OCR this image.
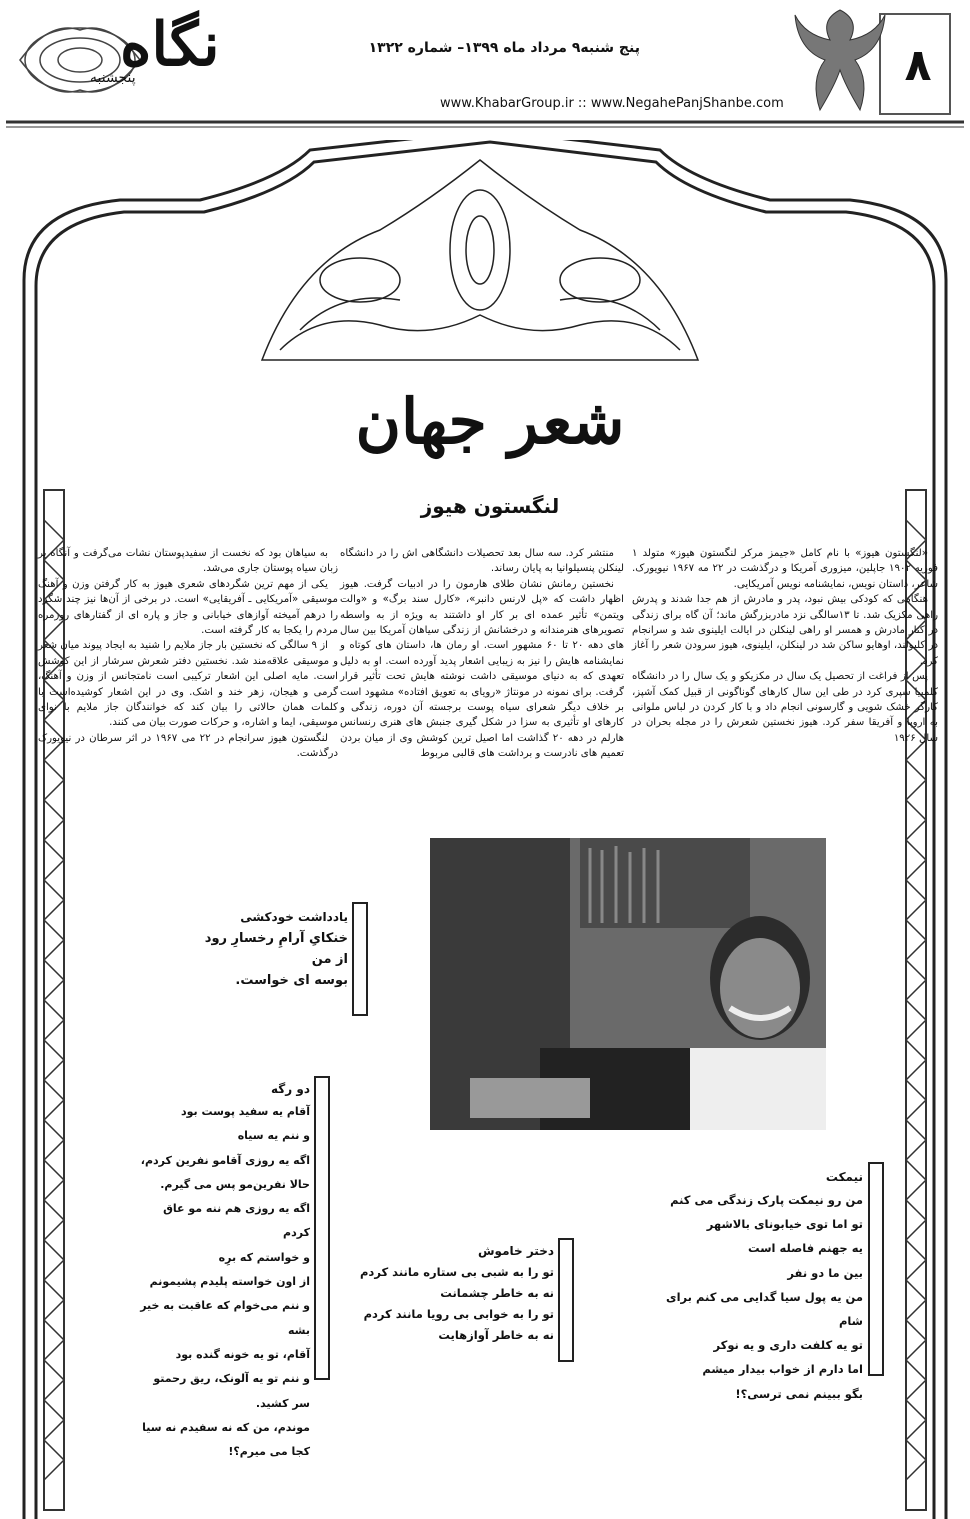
نگاه
پنجشنبه
پنج شنبه۹ مرداد ماه ۱۳۹۹– شماره ۱۳۲۲
www.KhabarGroup.ir :: www.NegahePanjShanbe.com
۸
شعر جهان
لنگستون هیوز

«لنگستون هیوز» با نام کامل «جیمز مرکر لنگستون هیوز» متولد ۱ فوریه ۱۹۰۲ جاپلین، میزوری آمریکا و درگذشت در ۲۲ مه ۱۹۶۷ نیویورک. شاعر، داستان نویس، نمایشنامه نویس آمریکایی.

هنگامی که کودکی بیش نبود، پدر و مادرش از هم جدا شدند و پدرش راهی مکزیک شد. تا ۱۳سالگی نزد مادربزرگش ماند؛ آن گاه برای زندگی در کنار مادرش و همسر او راهی لینکلن در ایالت ایلینوی شد و سرانجام در کلیولند، اوهایو ساکن شد در لینکلن، ایلینوی، هیوز سرودن شعر را آغاز کرد.

پس از فراغت از تحصیل یک سال در مکزیکو و یک سال را در دانشگاه کلمبیا سپری کرد در طی این سال کارهای گوناگونی از قبیل کمک آشپز، کارگر خشک شویی و گارسونی انجام داد و با کار کردن در لباس ملوانی به اروپا و آفریقا سفر کرد. هیوز نخستین شعرش را در مجله بحران در سال ۱۹۲۶

منتشر کرد. سه سال بعد تحصیلات دانشگاهی اش را در دانشگاه لینکلن پنسیلوانیا به پایان رساند.

نخستین رمانش نشان طلای هارمون را در ادبیات گرفت. هیوز اظهار داشت که «پل لارنس دانبر»، «کارل سند برگ» و «والت ویتمن» تأثیر عمده ای بر کار او داشتند به ویژه از به واسطه تصویرهای هنرمندانه و درخشانش از زندگی سیاهان آمریکا بین سال های دهه ۲۰ تا ۶۰ مشهور است. او رمان ها، داستان های کوتاه و نمایشنامه هایش را نیز به زیبایی اشعار پدید آورده است. او به دلیل تعهدی که به دنیای موسیقی داشت نوشته هایش تحت تأثیر قرار گرفت. برای نمونه در مونتاژ «رویای به تعویق افتاده» مشهود است بر خلاف دیگر شعرای سیاه پوست برجسته آن دوره، زندگی و کارهای او تأثیری به سزا در شکل گیری جنبش های هنری رنسانس هارلم در دهه ۲۰ گذاشت اما اصیل ترین کوشش وی از میان بردن تعمیم های نادرست و برداشت های قالبی مربوط

به سیاهان بود که نخست از سفیدپوستان نشات می‌گرفت و آنگاه بر زبان سیاه پوستان جاری می‌شد.

یکی از مهم ترین شگردهای شعری هیوز به کار گرفتن وزن و آهنگ موسیقی «آمریکایی ـ آفریقایی» است. در برخی از آن‌ها نیز چند شگرد را درهم آمیخته آوازهای خیابانی و جاز و پاره ای از گفتارهای روزمره مردم را یکجا به کار گرفته است.

از ۹ سالگی که نخستین بار جاز ملایم را شنید به ایجاد پیوند میان شعر و موسیقی علاقه‌مند شد. نخستین دفتر شعرش سرشار از این کوشش است. مایه اصلی این اشعار ترکیبی است نامتجانس از وزن و آهنگ، گرمی و هیجان، زهر خند و اشک. وی در این اشعار کوشیده‌است با کلمات همان حالاتی را بیان کند که خوانندگان جاز ملایم با نوای موسیقی، ایما و اشاره، و حرکات صورت بیان می کنند.

لنگستون هیوز سرانجام در ۲۲ می ۱۹۶۷ در اثر سرطان در نیویورک درگذشت.

یادداشت خودکشی
خنکایِ آرامِ رخسارِ رود
از من
بوسه ای خواست.
دو رگه
آقام یه سفید پوست بود
و ننم یه سیاه
اگه یه روزی آقامو نفرین کردم،
حالا نفرین‌مو پس می گیرم.
اگه یه روزی هم ننه مو عاق کردم
و خواستم که برِه
از اون خواسته پلیدم پشیمونم
و ننم می‌خوام که عاقبت به خیر بشه
آقام، تو یه خونه گنده بود
و ننم تو یه آلونک، ریق رحمتو سر کشید.
موندم، من که نه سفیدم نه سیا
کجا می میرم؟!
دختر خاموش
تو را به شبی بی ستاره مانند کردم
نه به خاطر چشمانت
تو را به خوابی بی رویا مانند کردم
نه به خاطر آوازهایت
نیمکت
من رو نیمکت پارک زندگی می کنم
تو اما توی خیابونای بالاشهر
یه جهنم فاصله است
بین ما دو نفر
من یه پول سیا گدایی می کنم برای شام
تو یه کلفت داری و یه نوکر
اما دارم از خواب بیدار میشم
بگو ببینم نمی ترسی؟!
